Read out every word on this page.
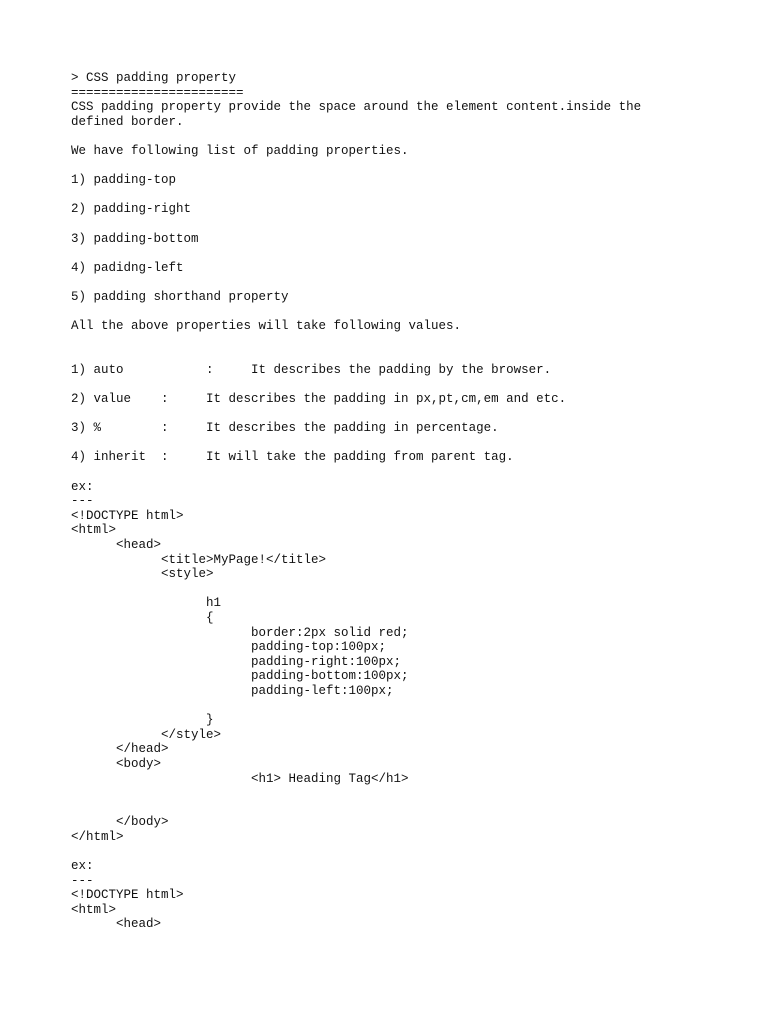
> CSS padding property
=======================
CSS padding property provide the space around the element content.inside the
defined border.
We have following list of padding properties.
1) padding-top
2) padding-right
3) padding-bottom
4) padidng-left
5) padding shorthand property
All the above properties will take following values.
1) auto           :     It describes the padding by the browser.
2) value    :     It describes the padding in px,pt,cm,em and etc.
3) %        :     It describes the padding in percentage.
4) inherit  :     It will take the padding from parent tag.
ex:
---
<!DOCTYPE html>
<html>
<head>
<title>MyPage!</title>
<style>
h1
{
border:2px solid red;
padding-top:100px;
padding-right:100px;
padding-bottom:100px;
padding-left:100px;
}
</style>
</head>
<body>
<h1> Heading Tag</h1>
</body>
</html>
ex:
---
<!DOCTYPE html>
<html>
<head>
